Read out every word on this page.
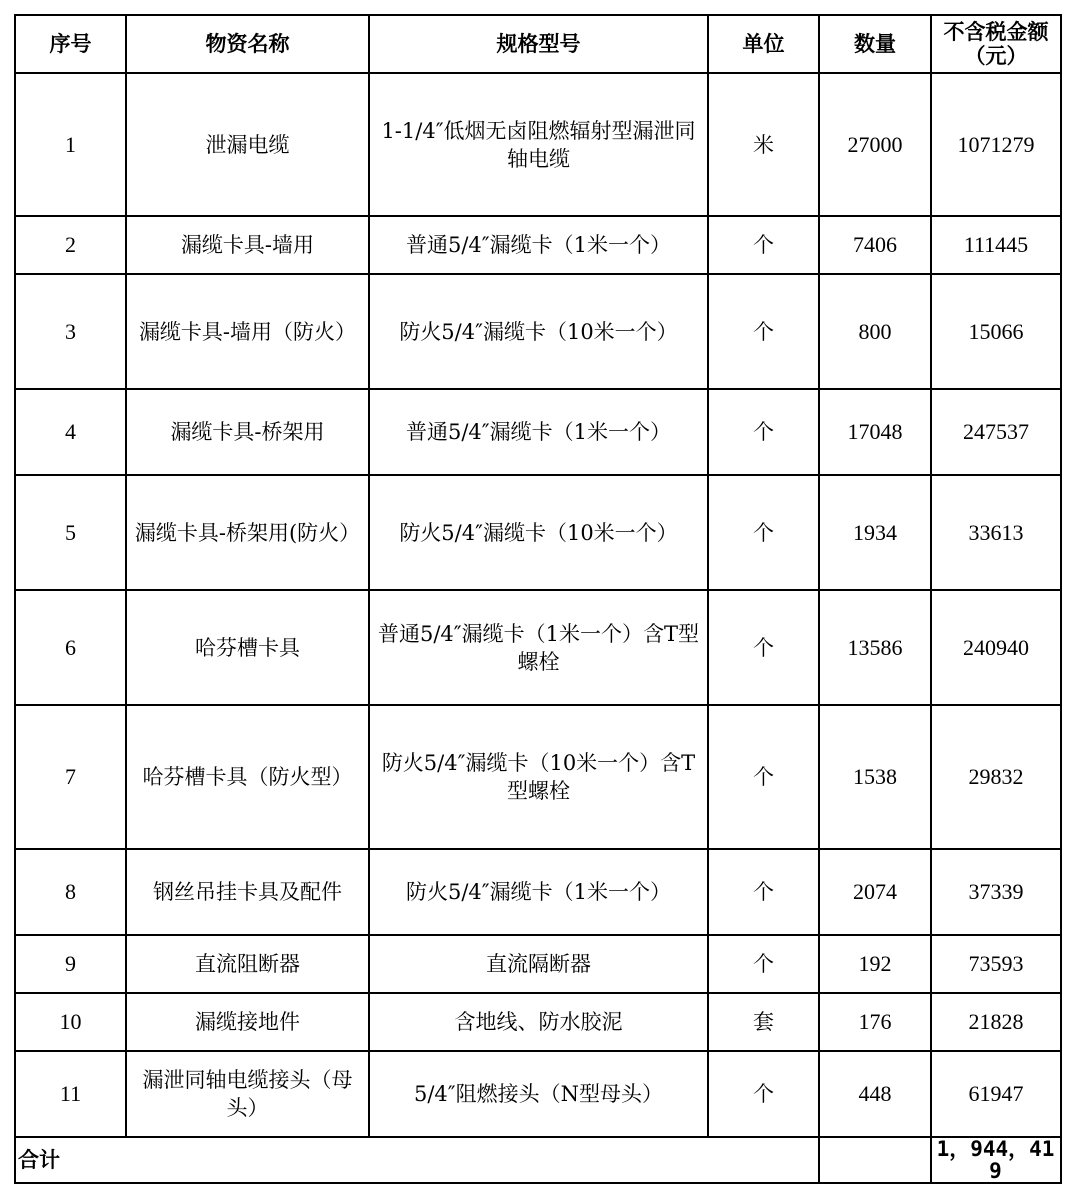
序号	物资名称	规格型号	单位	数量	不含税金额（元）
1	泄漏电缆	1-1/4″低烟无卤阻燃辐射型漏泄同轴电缆	米	27000	1071279
2	漏缆卡具-墙用	普通5/4″漏缆卡（1米一个）	个	7406	111445
3	漏缆卡具-墙用（防火）	防火5/4″漏缆卡（10米一个）	个	800	15066
4	漏缆卡具-桥架用	普通5/4″漏缆卡（1米一个）	个	17048	247537
5	漏缆卡具-桥架用(防火）	防火5/4″漏缆卡（10米一个）	个	1934	33613
6	哈芬槽卡具	普通5/4″漏缆卡（1米一个）含T型螺栓	个	13586	240940
7	哈芬槽卡具（防火型）	防火5/4″漏缆卡（10米一个）含T型螺栓	个	1538	29832
8	钢丝吊挂卡具及配件	防火5/4″漏缆卡（1米一个）	个	2074	37339
9	直流阻断器	直流隔断器	个	192	73593
10	漏缆接地件	含地线、防水胶泥	套	176	21828
11	漏泄同轴电缆接头（母头）	5/4″阻燃接头（N型母头）	个	448	61947
合计					1，944，419
